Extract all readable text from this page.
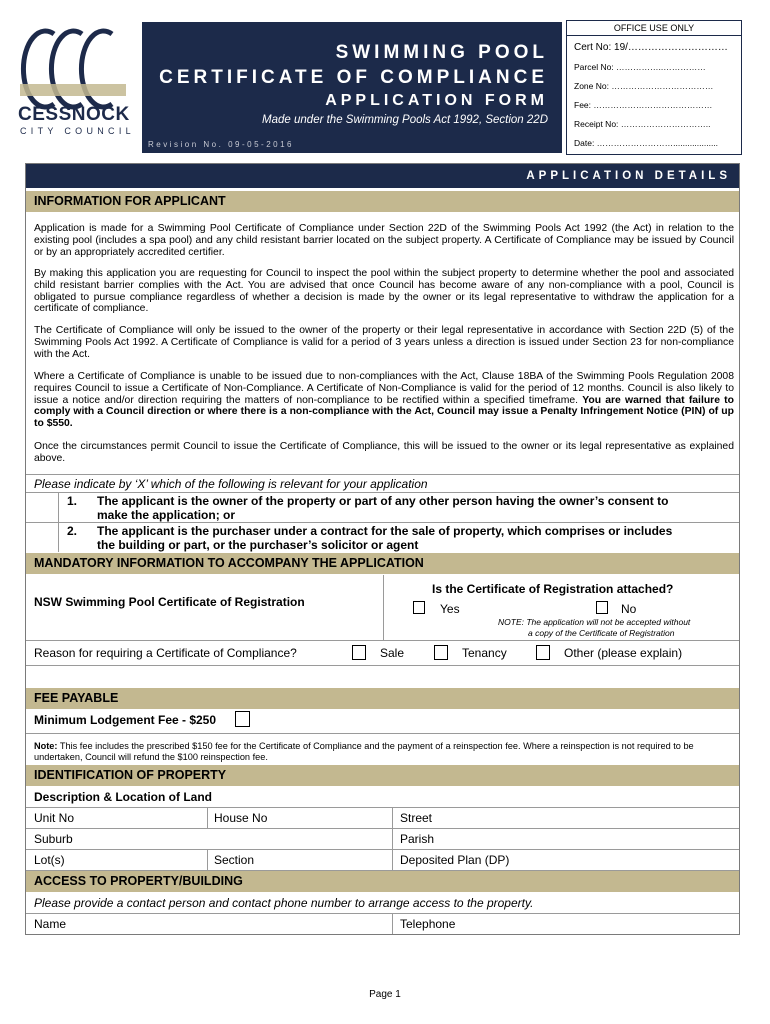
CESSNOCK
CITY COUNCIL
SWIMMING POOL
CERTIFICATE OF COMPLIANCE
APPLICATION FORM
Made under the Swimming Pools Act 1992, Section 22D
Revision No. 09-05-2016
OFFICE USE ONLY
Cert No: 19/…………………………
Parcel No: ……………..……………
Zone No: ………………………………
Fee: ……………………………………
Receipt No: …………………………..
Date: ………………………...................
APPLICATION DETAILS
INFORMATION FOR APPLICANT
Application is made for a Swimming Pool Certificate of Compliance under Section 22D of the Swimming Pools Act 1992 (the Act) in relation to the existing pool (includes a spa pool) and any child resistant barrier located on the subject property. A Certificate of Compliance may be issued by Council or by an appropriately accredited certifier.
By making this application you are requesting for Council to inspect the pool within the subject property to determine whether the pool and associated child resistant barrier complies with the Act. You are advised that once Council has become aware of any non-compliance with a pool, Council is obligated to pursue compliance regardless of whether a decision is made by the owner or its legal representative to withdraw the application for a certificate of compliance.
The Certificate of Compliance will only be issued to the owner of the property or their legal representative in accordance with Section 22D (5) of the Swimming Pools Act 1992. A Certificate of Compliance is valid for a period of 3 years unless a direction is issued under Section 23 for non-compliance with the Act.
Where a Certificate of Compliance is unable to be issued due to non-compliances with the Act, Clause 18BA of the Swimming Pools Regulation 2008 requires Council to issue a Certificate of Non-Compliance. A Certificate of Non-Compliance is valid for the period of 12 months. Council is also likely to issue a notice and/or direction requiring the matters of non-compliance to be rectified within a specified timeframe. You are warned that failure to comply with a Council direction or where there is a non-compliance with the Act, Council may issue a Penalty Infringement Notice (PIN) of up to $550.
Once the circumstances permit Council to issue the Certificate of Compliance, this will be issued to the owner or its legal representative as explained above.
Please indicate by ‘X’ which of the following is relevant for your application
1. The applicant is the owner of the property or part of any other person having the owner’s consent to
make the application; or
2. The applicant is the purchaser under a contract for the sale of property, which comprises or includes
the building or part, or the purchaser’s solicitor or agent
MANDATORY INFORMATION TO ACCOMPANY THE APPLICATION
NSW Swimming Pool Certificate of Registration
Is the Certificate of Registration attached?
Yes	No
NOTE: The application will not be accepted without
a copy of the Certificate of Registration
Reason for requiring a Certificate of Compliance?	Sale	Tenancy	Other (please explain)
FEE PAYABLE
Minimum Lodgement Fee - $250
Note: This fee includes the prescribed $150 fee for the Certificate of Compliance and the payment of a reinspection fee. Where a reinspection is not required to be undertaken, Council will refund the $100 reinspection fee.
IDENTIFICATION OF PROPERTY
Description & Location of Land
Unit No	House No	Street
Suburb	Parish
Lot(s)	Section	Deposited Plan (DP)
ACCESS TO PROPERTY/BUILDING
Please provide a contact person and contact phone number to arrange access to the property.
Name	Telephone
Page 1
